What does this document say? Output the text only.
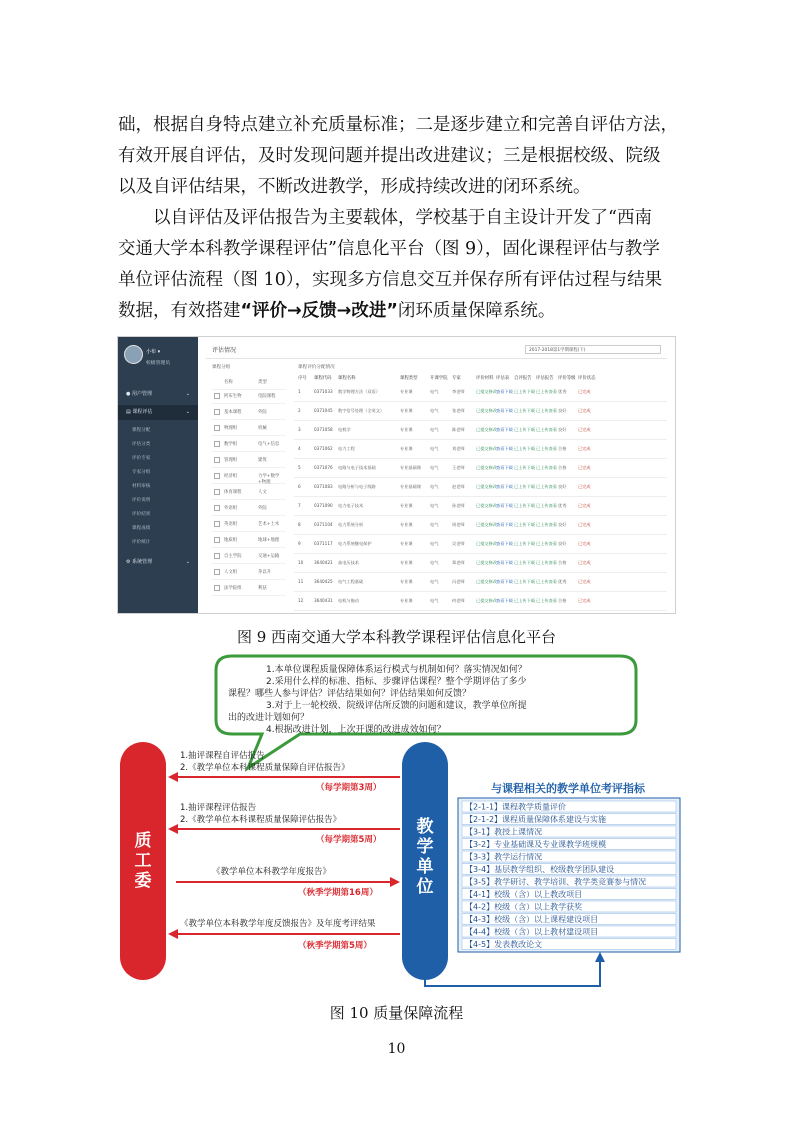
础，根据自身特点建立补充质量标准；二是逐步建立和完善自评估方法，

有效开展自评估，及时发现问题并提出改进建议；三是根据校级、院级

以及自评估结果，不断改进教学，形成持续改进的闭环系统。

以自评估及评估报告为主要载体，学校基于自主设计开发了“西南

交通大学本科教学课程评估”信息化平台（图 9），固化课程评估与教学

单位评估流程（图 10），实现多方信息交互并保存所有评估过程与结果

数据，有效搭建“评价→反馈→改进”闭环质量保障系统。

小布 ▾
校级管理员
● 用户管理	⌄
▤ 课程评估	⌄
课程分配
评估分类
评价专家
专家分组
材料审核
评价说明
评价结果
课程成绩
评价统计
⚙ 系统管理	⌄
评估情况	2017-2018第1学期课程(下)
课程分组	课程评价分配情况
名称	类型
阿布生物	电院课程
基本课程	外院
物理组	机械
数学组	电气+信息
管理组	建筑
经济组	力学+数学+物理
体育课程	人文
外语组	外院
英语组	艺术+土木
地质组	地球+地理
自主学院	交通+运输
人文组	茅以升
法学院组	利兹
序号 课程代码 课程名称	课程类型	开课学院 专家	评价材料 评估表 自评报告 评估报告 评价等级 评价状态
1	0371033 数学物理方法（双语）	专业课	电气	李老师	已提交修改 查看下载 已上传下载 已上传查看 优秀	已完成
2	0371045 数字信号处理（全英文）	专业课	电气	张老师	已提交修改 查看下载 已上传下载 已上传查看 良好	已完成
3	0371058 电机学	专业课	电气	陈老师	已提交修改 查看下载 已上传下载 已上传查看 良好	已完成
4	0371062 电力工程	专业课	电气	刘老师	已提交修改 查看下载 已上传下载 已上传查看 合格	已完成
5	0371076 电路与电子技术基础	专业基础课 电气	王老师	已提交修改 查看下载 已上传下载 已上传查看 合格	已完成
6	0371083 电路分析与电子线路	专业基础课 电气	赵老师	已提交修改 查看下载 已上传下载 已上传查看 良好	已完成
7	0371090 电力电子技术	专业课	电气	孙老师	已提交修改 查看下载 已上传下载 已上传查看 优秀	已完成
8	0371104 电力系统分析	专业课	电气	周老师	已提交修改 查看下载 已上传下载 已上传查看 良好	已完成
9	0371117 电力系统继电保护	专业课	电气	吴老师	已提交修改 查看下载 已上传下载 已上传查看 良好	已完成
10	3640421 高电压技术	专业课	电气	郑老师	已提交修改 查看下载 已上传下载 已上传查看 合格	已完成
11	3640425 电气工程基础	专业课	电气	冯老师	已提交修改 查看下载 已上传下载 已上传查看 优秀	已完成
12	3640431 电机与拖动	专业课	电气	何老师	已提交修改 查看下载 已上传下载 已上传查看 合格	已完成
图 9 西南交通大学本科教学课程评估信息化平台
1.本单位课程质量保障体系运行模式与机制如何？落实情况如何？
2.采用什么样的标准、指标、步骤评估课程？整个学期评估了多少
课程？哪些人参与评估？评估结果如何？评估结果如何反馈？
3.对于上一轮校级、院级评估所反馈的问题和建议，教学单位所提
出的改进计划如何？
4.根据改进计划，上次开课的改进成效如何？
质
工
委
教
学
单
位
1.抽评课程自评估报告
2.《教学单位本科课程质量保障自评估报告》
（每学期第3周）
1.抽评课程评估报告
2.《教学单位本科课程质量保障评估报告》
（每学期第5周）
《教学单位本科教学年度报告》
（秋季学期第16周）
《教学单位本科教学年度反馈报告》及年度考评结果
（秋季学期第5周）
与课程相关的教学单位考评指标
【2-1-1】课程教学质量评价
【2-1-2】课程质量保障体系建设与实施
【3-1】教授上课情况
【3-2】专业基础课及专业课教学班规模
【3-3】教学运行情况
【3-4】基层教学组织、校级教学团队建设
【3-5】教学研讨、教学培训、教学类竞赛参与情况
【4-1】校级（含）以上教改项目
【4-2】校级（含）以上教学获奖
【4-3】校级（含）以上课程建设项目
【4-4】校级（含）以上教材建设项目
【4-5】发表教改论文
图 10 质量保障流程
10
